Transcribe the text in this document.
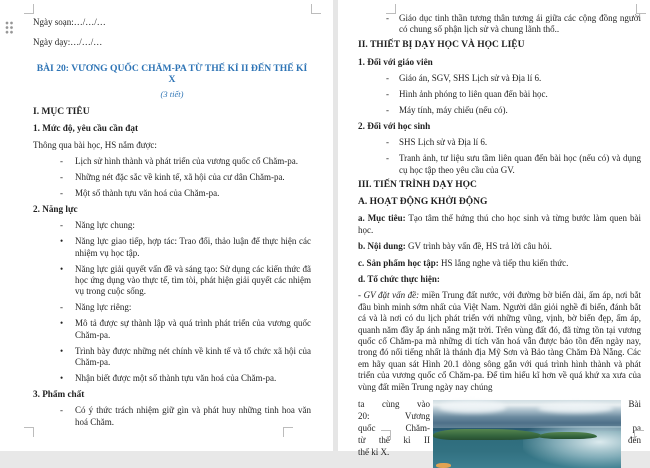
Ngày soạn:…/…/…
Ngày dạy:…/…/…
BÀI 20: VƯƠNG QUỐC CHĂM-PA TỪ THẾ KỈ II ĐẾN THẾ KỈ X
(3 tiết)
I. MỤC TIÊU
1. Mức độ, yêu cầu cần đạt
Thông qua bài học, HS nắm được:
-	Lịch sử hình thành và phát triển của vương quốc cổ Chăm-pa.
-	Những nét đặc sắc về kinh tế, xã hội của cư dân Chăm-pa.
-	Một số thành tựu văn hoá của Chăm-pa.
2. Năng lực
-	Năng lực chung:
•	Năng lực giao tiếp, hợp tác: Trao đổi, thảo luận để thực hiện các nhiệm vụ học tập.
•	Năng lực giải quyết vấn đề và sáng tạo: Sử dụng các kiến thức đã học ứng dụng vào thực tế, tìm tòi, phát hiện giải quyết các nhiệm vụ trong cuộc sống.
-	Năng lực riêng:
•	Mô tả được sự thành lập và quá trình phát triển của vương quốc Chăm-pa.
•	Trình bày được những nét chính về kinh tế và tổ chức xã hội của Chăm-pa.
•	Nhận biết được một số thành tựu văn hoá của Chăm-pa.
3. Phẩm chất
-	Có ý thức trách nhiệm giữ gìn và phát huy những tinh hoa văn hoá Chăm.
-	Giáo dục tinh thần tương thân tương ái giữa các cộng đồng người có chung số phận lịch sử và chung lãnh thổ..
II. THIẾT BỊ DẠY HỌC VÀ HỌC LIỆU
1. Đối với giáo viên
-	Giáo án, SGV, SHS Lịch sử và Địa lí 6.
-	Hình ảnh phóng to liên quan đến bài học.
-	Máy tính, máy chiếu (nếu có).
2. Đối với học sinh
-	SHS Lịch sử và Địa lí 6.
-	Tranh ảnh, tư liệu sưu tầm liên quan đến bài học (nếu có) và dụng cụ học tập theo yêu cầu của GV.
III. TIẾN TRÌNH DẠY HỌC
A. HOẠT ĐỘNG KHỞI ĐỘNG
a. Mục tiêu: Tạo tâm thế hứng thú cho học sinh và từng bước làm quen bài học.
b. Nội dung: GV trình bày vấn đề, HS trả lời câu hỏi.
c. Sản phẩm học tập: HS lắng nghe và tiếp thu kiến thức.
d. Tổ chức thực hiện:
- GV đặt vấn đề: miền Trung đất nước, với đường bờ biển dài, ấm áp, nơi bắt đầu bình minh sớm nhất của Việt Nam. Người dân giỏi nghề đi biển, đánh bắt cá và là nơi có du lịch phát triển với những vũng, vịnh, bờ biển đẹp, ấm áp, quanh năm đầy ắp ánh nắng mặt trời. Trên vùng đất đó, đã từng tồn tại vương quốc cổ Chăm-pa mà những di tích văn hoá vẫn được bảo tồn đến ngày nay, trong đó nổi tiếng nhất là thánh địa Mỹ Sơn và Bảo tàng Chăm Đà Nẵng. Các em hãy quan sát Hình 20.1 dòng sông gắn với quá trình hình thành và phát triển của vương quốc cổ Chăm-pa. Để tìm hiểu kĩ hơn về quá khứ xa xưa của vùng đất miền Trung ngày nay chúng
ta cùng vào
20: Vương
quốc Chăm-
từ thế kỉ II
thế kỉ X.
Bài
pa
đến
